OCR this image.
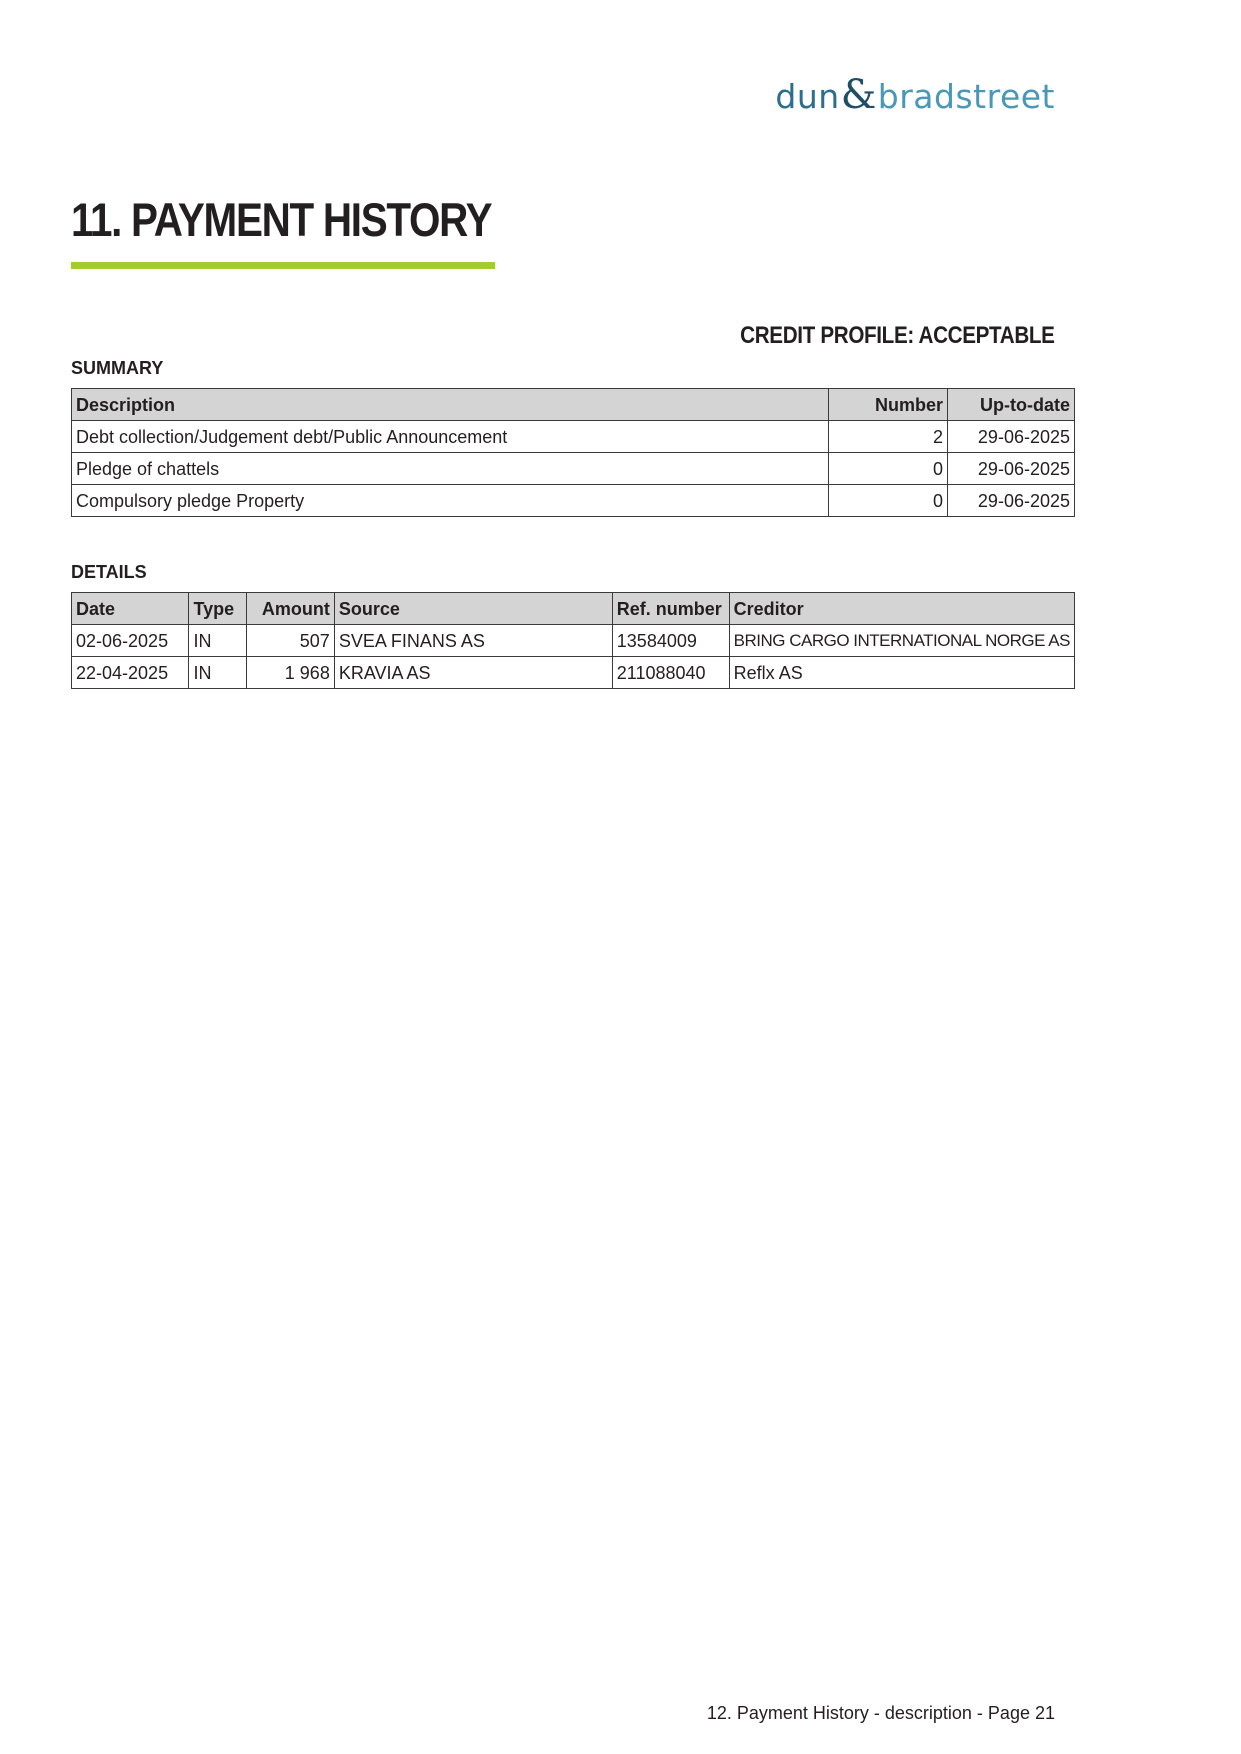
dun & bradstreet
11. PAYMENT HISTORY
CREDIT PROFILE: ACCEPTABLE
SUMMARY
Description	Number	Up-to-date
Debt collection/Judgement debt/Public Announcement	2	29-06-2025
Pledge of chattels	0	29-06-2025
Compulsory pledge Property	0	29-06-2025
DETAILS
Date	Type	Amount	Source	Ref. number	Creditor
02-06-2025	IN	507	SVEA FINANS AS	13584009	BRING CARGO INTERNATIONAL NORGE AS
22-04-2025	IN	1 968	KRAVIA AS	211088040	Reflx AS
12. Payment History - description - Page 21
